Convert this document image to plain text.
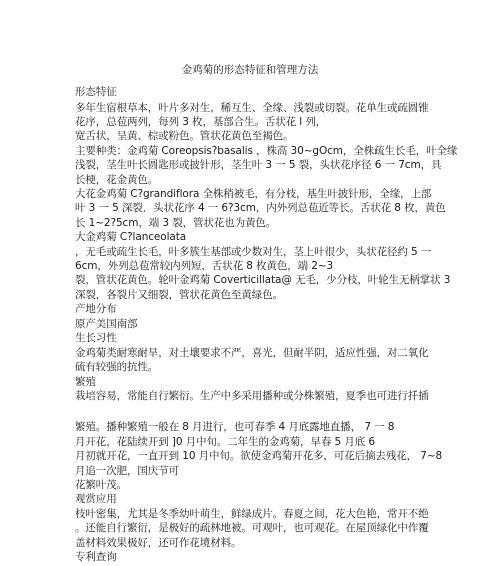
金鸡菊的形态特征和管理方法
形态特征
多年生宿根草本，叶片多对生，稀互生、全缘、浅裂或切裂。花单生或疏圆锥
花序，总苞两列，每列 3 枚，基部合生。舌状花 l 列，
宽舌状，呈黄、棕或粉色。管状花黄色至褐色。
主要种类：金鸡菊 Coreopsis?basalis ，株高 30~gOcm，全株疏生长毛，叶全缘
浅裂，茎生叶长圆匙形或披针形，茎生叶 3 一 5 裂，头状花序径 6 一 7cm，具
长梗，花金黄色。
大花金鸡菊 C?grandiflora 全株稍被毛，有分枝，基生叶披针形，全缘，上部
叶 3 一 5 深裂．头状花序 4 一 6?3cm，内外列总苞近等长。舌状花 8 枚，黄色
长 1~2?5cm，端 3 裂，管状花也为黄色。
大金鸡菊 C?lanceolata
，无毛或疏生长毛，叶多簇生基部或少数对生，茎上叶很少，头状花径约 5 一
6cm，外列总苞常较内列短，舌状花 8 枚黄色，端 2~3
裂，管状花黄色。轮叶金鸡菊 Coverticillata@ 无毛，少分枝，叶轮生无柄掌状 3
深裂，各裂片又细裂，管状花黄色至黄绿色。
产地分布
原产美国南部
生长习性
金鸡菊类耐寒耐旱，对土壤要求不严，喜光，但耐半阴，适应性强，对二氧化
硫有较强的抗性。
繁殖
栽培容易，常能自行繁衍。生产中多采用播种或分株繁殖，夏季也可进行扦插
繁殖。播种繁殖一般在 8 月进行，也可春季 4 月底露地直播， 7 一 8
月开花，花陆续开到 ]0 月中旬。二年生的金鸡菊，早春 5 月底 6
月初就开花，一直开到 10 月中旬。欲使金鸡菊开花多，可花后摘去残花， 7~8
月追一次肥，国庆节可
花繁叶茂。
观赏应用
枝叶密集，尤其是冬季幼叶萌生，鲜绿成片。春夏之间，花大色艳，常开不绝
。还能自行繁衍，是极好的疏林地被。可观叶，也可观花。在屋顶绿化中作覆
盖材料效果极好，还可作花境材料。
专利查询
